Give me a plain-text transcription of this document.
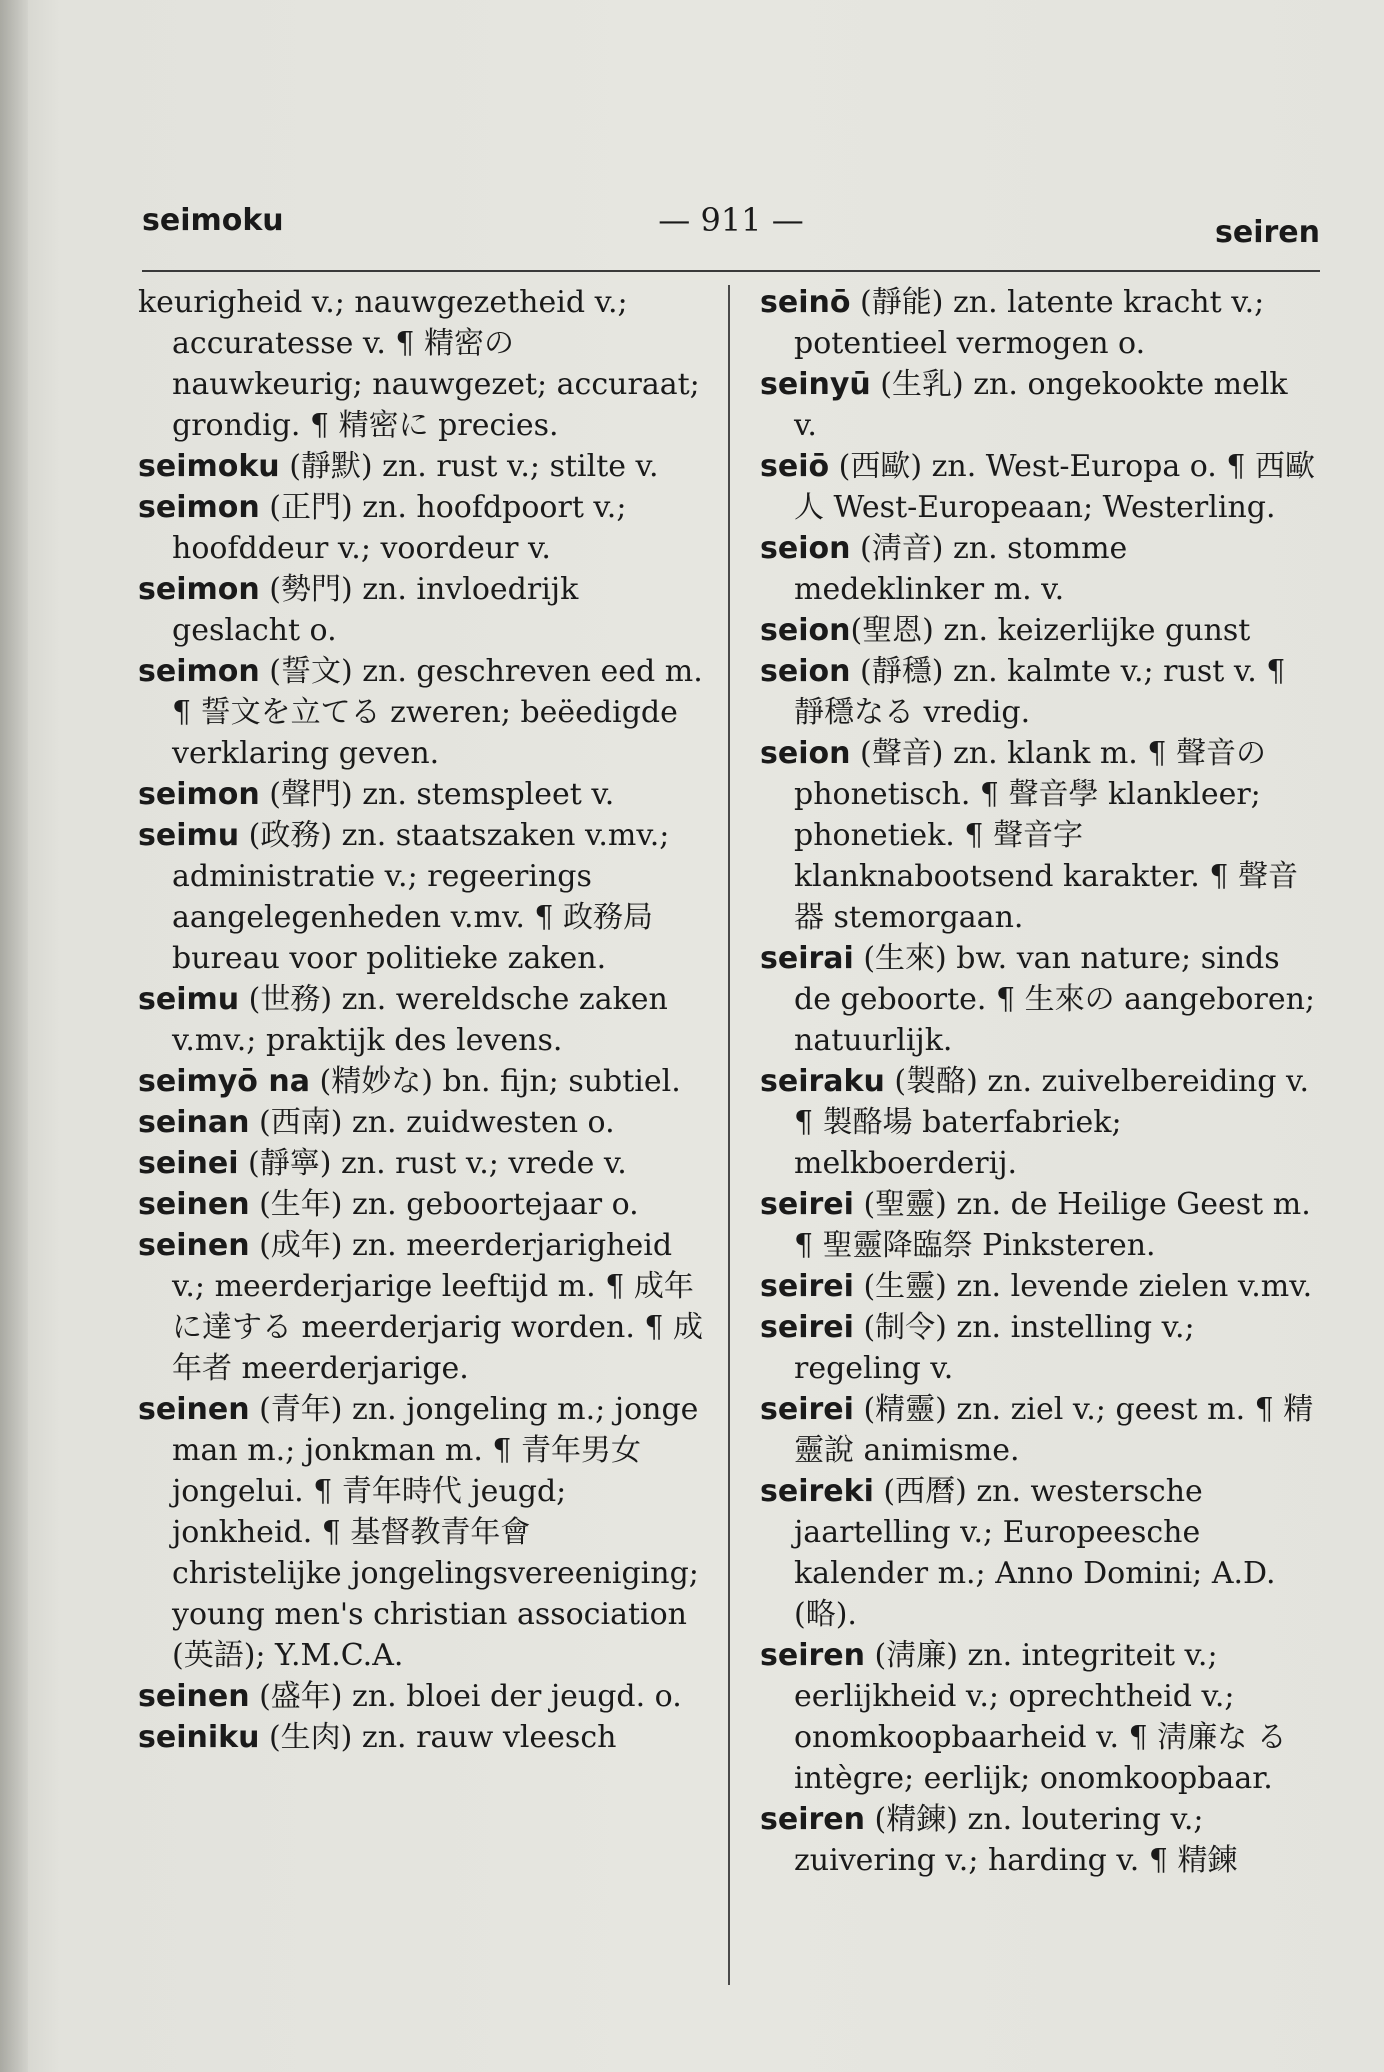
seimoku	— 911 —	seiren

keurigheid v.; nauwgezetheid v.; accuratesse v. ¶ 精密の nauwkeurig; nauwgezet; accuraat; grondig. ¶ 精密に precies.

seimoku (靜默) zn. rust v.; stilte v.

seimon (正門) zn. hoofdpoort v.; hoofddeur v.; voordeur v.

seimon (勢門) zn. invloedrijk geslacht o.

seimon (誓文) zn. geschreven eed m. ¶ 誓文を立てる zweren; beëedigde verklaring geven.

seimon (聲門) zn. stemspleet v.

seimu (政務) zn. staatszaken v.mv.; administratie v.; regeerings aangelegenheden v.mv. ¶ 政務局 bureau voor politieke zaken.

seimu (世務) zn. wereldsche zaken v.mv.; praktijk des levens.

seimyō na (精妙な) bn. fijn; subtiel.

seinan (西南) zn. zuidwesten o.

seinei (靜寧) zn. rust v.; vrede v.

seinen (生年) zn. geboortejaar o.

seinen (成年) zn. meerderjarigheid v.; meerderjarige leeftijd m. ¶ 成年に達する meerderjarig worden. ¶ 成年者 meerderjarige.

seinen (青年) zn. jongeling m.; jonge man m.; jonkman m. ¶ 青年男女 jongelui. ¶ 青年時代 jeugd; jonkheid. ¶ 基督教青年會 christelijke jongelingsvereeniging; young men's christian association (英語); Y.M.C.A.

seinen (盛年) zn. bloei der jeugd. o.

seiniku (生肉) zn. rauw vleesch

seinō (靜能) zn. latente kracht v.; potentieel vermogen o.

seinyū (生乳) zn. ongekookte melk v.

seiō (西歐) zn. West-Europa o. ¶ 西歐人 West-Europeaan; Westerling.

seion (淸音) zn. stomme medeklinker m. v.

seion(聖恩) zn. keizerlijke gunst

seion (靜穩) zn. kalmte v.; rust v. ¶ 靜穩なる vredig.

seion (聲音) zn. klank m. ¶ 聲音の phonetisch. ¶ 聲音學 klankleer; phonetiek. ¶ 聲音字 klanknabootsend karakter. ¶ 聲音器 stemorgaan.

seirai (生來) bw. van nature; sinds de geboorte. ¶ 生來の aangeboren; natuurlijk.

seiraku (製酪) zn. zuivelbereiding v. ¶ 製酪場 baterfabriek; melkboerderij.

seirei (聖靈) zn. de Heilige Geest m. ¶ 聖靈降臨祭 Pinksteren.

seirei (生靈) zn. levende zielen v.mv.

seirei (制令) zn. instelling v.; regeling v.

seirei (精靈) zn. ziel v.; geest m. ¶ 精靈說 animisme.

seireki (西曆) zn. westersche jaartelling v.; Europeesche kalender m.; Anno Domini; A.D. (略).

seiren (淸廉) zn. integriteit v.; eerlijkheid v.; oprechtheid v.; onomkoopbaarheid v. ¶ 淸廉な る intègre; eerlijk; onomkoopbaar.

seiren (精鍊) zn. loutering v.; zuivering v.; harding v. ¶ 精鍊
